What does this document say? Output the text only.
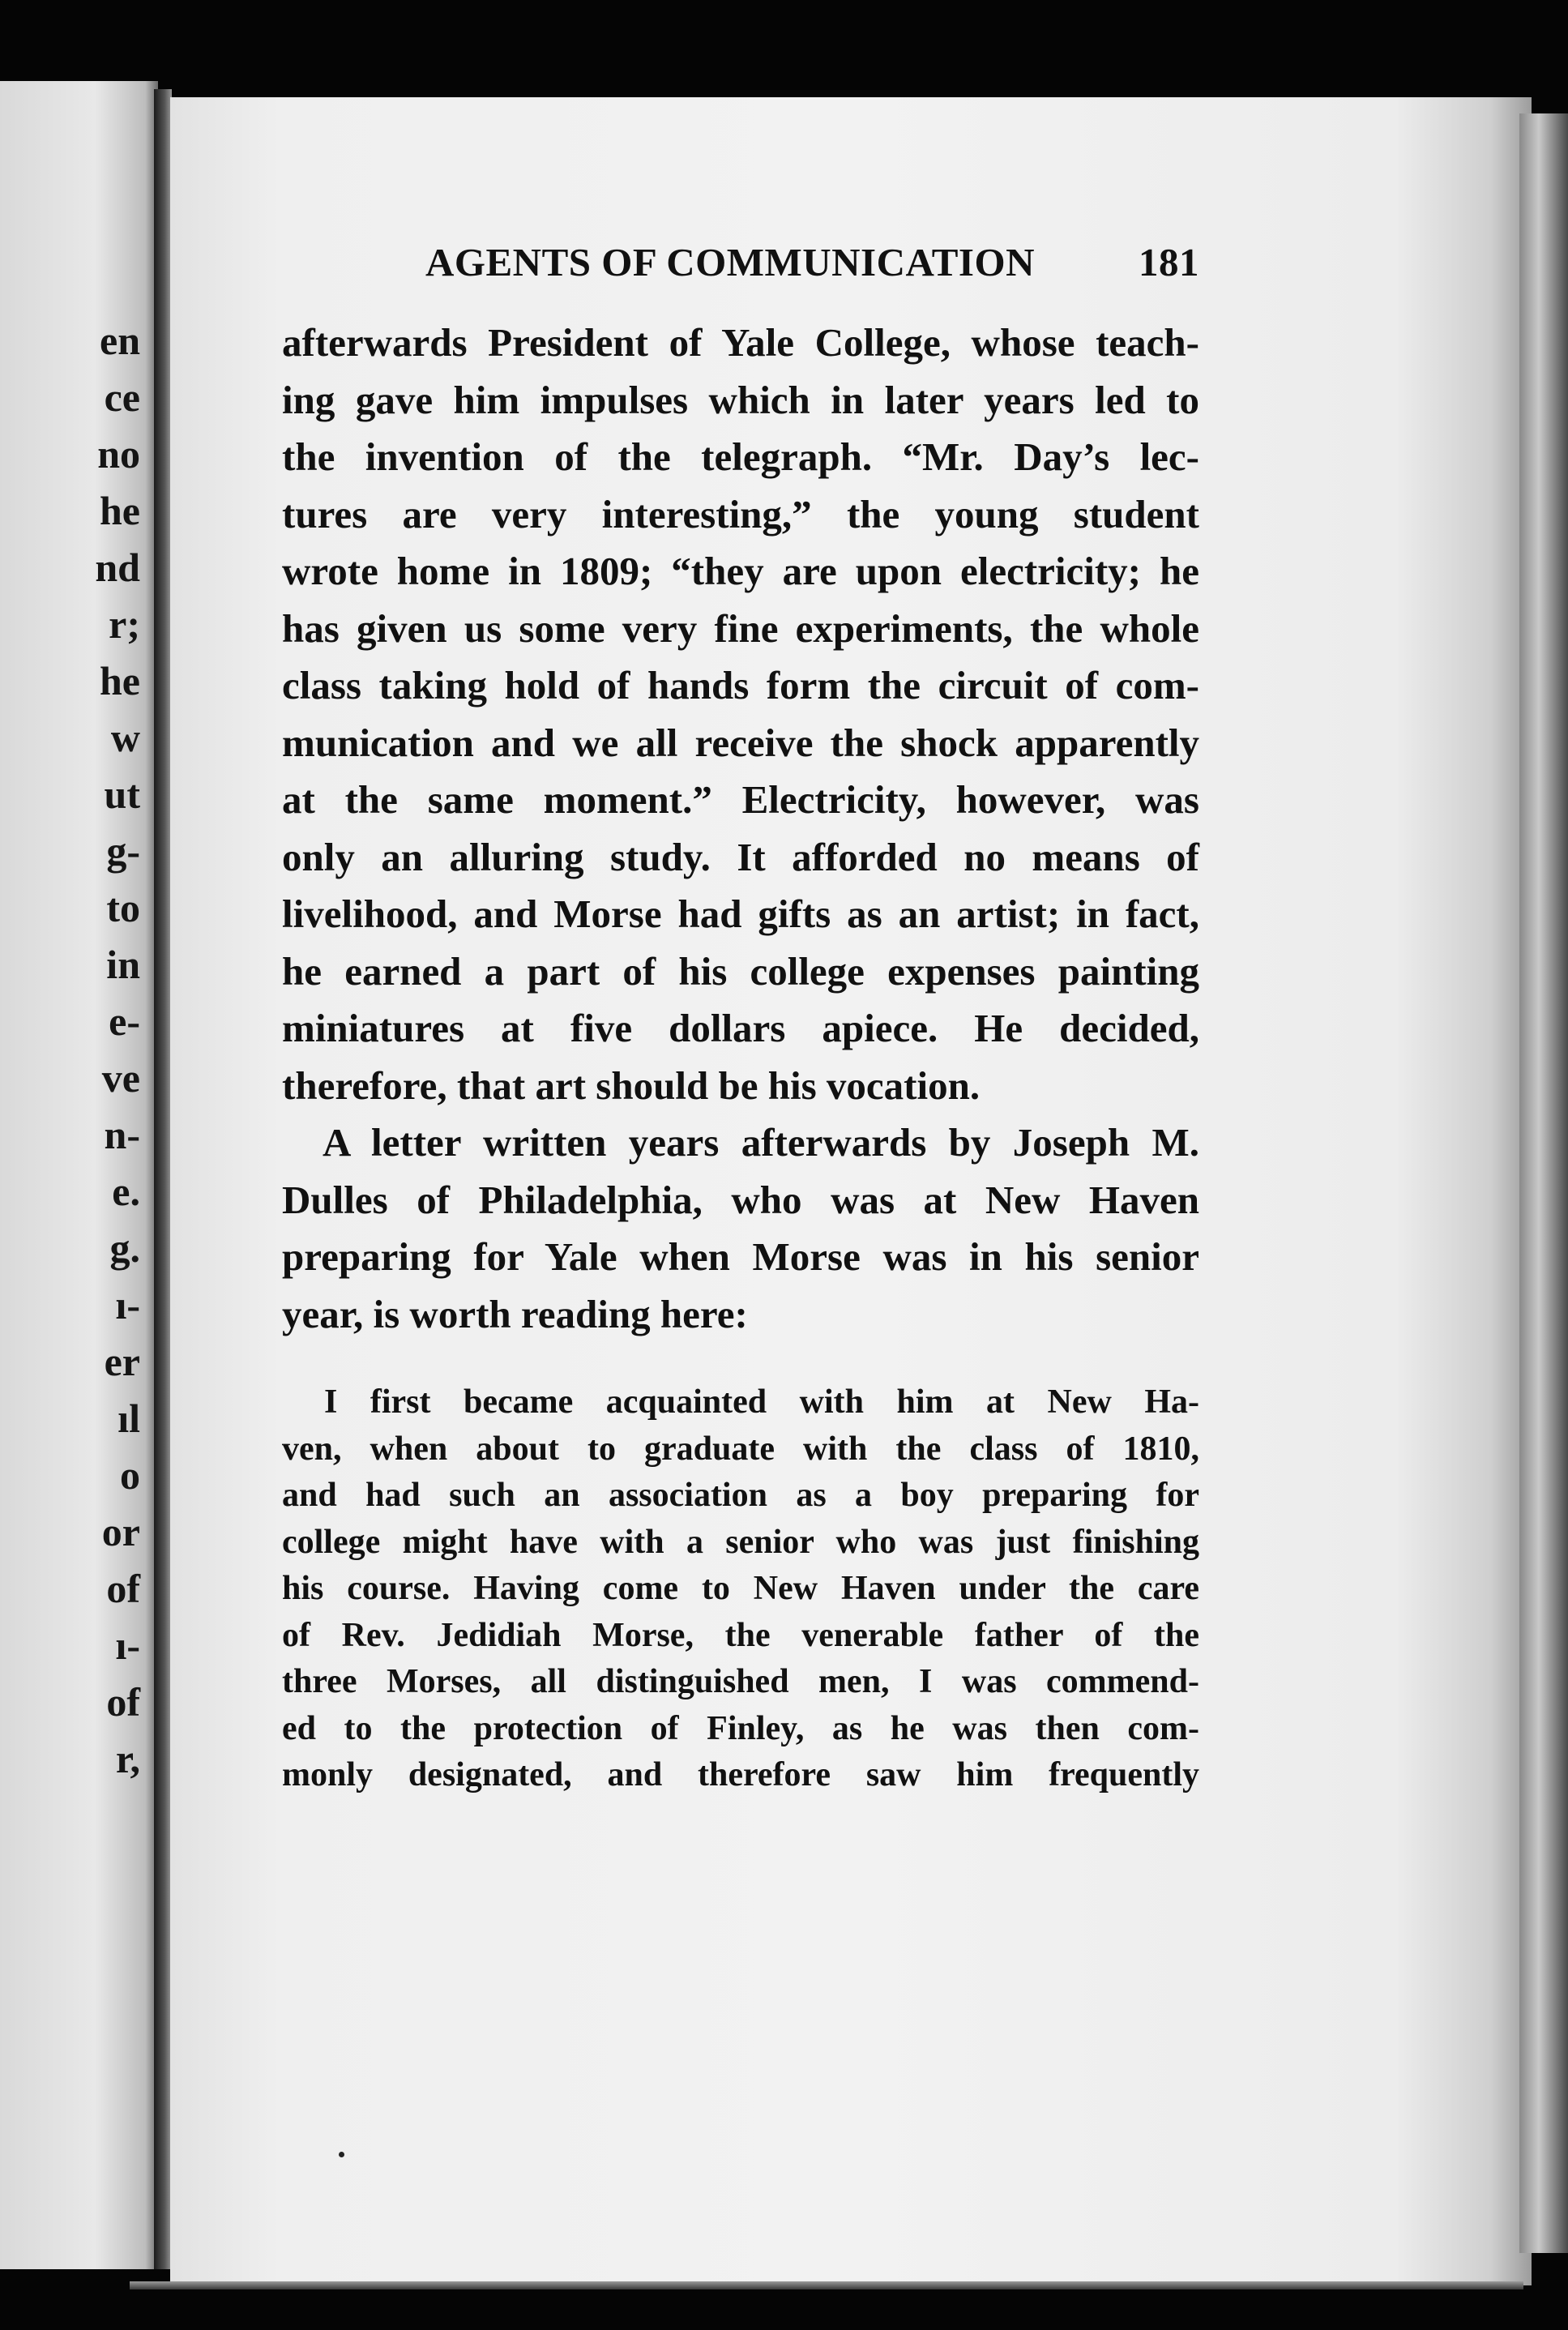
en
ce
no
he
nd
r;
he
w
ut
g-
to
in
e-
ve
n-
e.
g.
ı-
er
ıl
o
or
of
ı-
of
r,
AGENTS OF COMMUNICATION	181
afterwards President of Yale College, whose teach-
ing gave him impulses which in later years led to
the invention of the telegraph. “Mr. Day’s lec-
tures are very interesting,” the young student
wrote home in 1809; “they are upon electricity; he
has given us some very fine experiments, the whole
class taking hold of hands form the circuit of com-
munication and we all receive the shock apparently
at the same moment.” Electricity, however, was
only an alluring study. It afforded no means of
livelihood, and Morse had gifts as an artist; in fact,
he earned a part of his college expenses painting
miniatures at five dollars apiece. He decided,
therefore, that art should be his vocation.
A letter written years afterwards by Joseph M.
Dulles of Philadelphia, who was at New Haven
preparing for Yale when Morse was in his senior
year, is worth reading here:
I first became acquainted with him at New Ha-
ven, when about to graduate with the class of 1810,
and had such an association as a boy preparing for
college might have with a senior who was just finishing
his course. Having come to New Haven under the care
of Rev. Jedidiah Morse, the venerable father of the
three Morses, all distinguished men, I was commend-
ed to the protection of Finley, as he was then com-
monly designated, and therefore saw him frequently
